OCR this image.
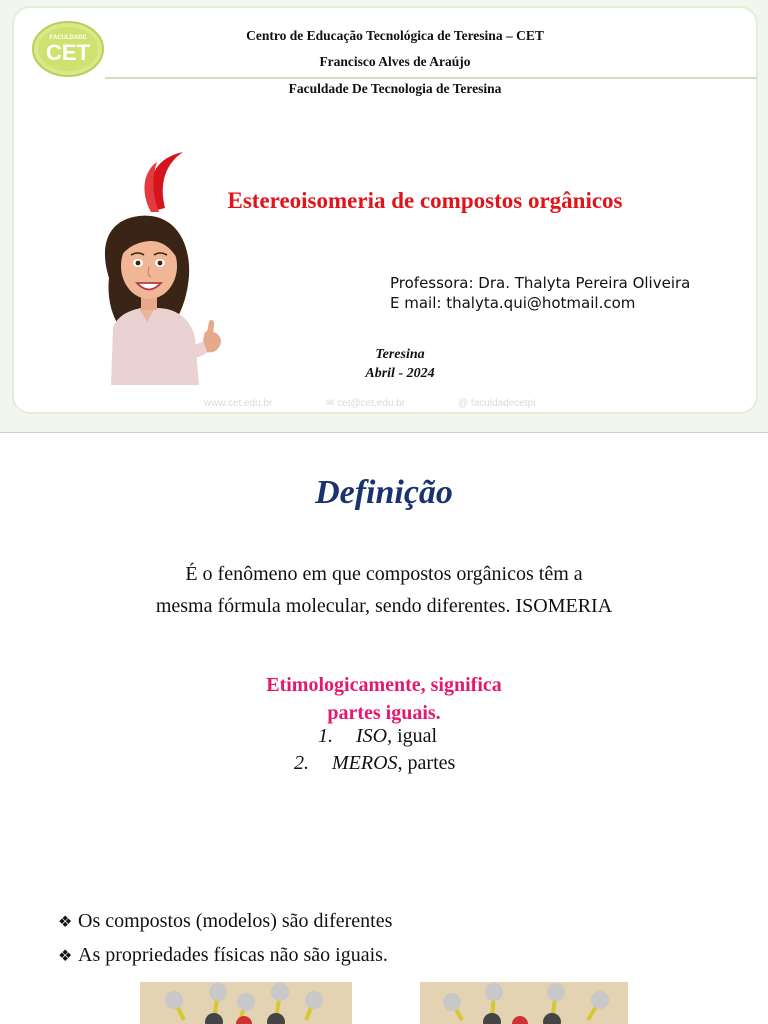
FACULDADE
CET
Centro de Educação Tecnológica de Teresina – CET
Francisco Alves de Araújo
Faculdade De Tecnologia de Teresina
Estereoisomeria de compostos orgânicos
Professora: Dra. Thalyta Pereira Oliveira
E mail: thalyta.qui@hotmail.com
Teresina
Abril - 2024
www.cet.edu.br	✉ cet@cet.edu.br	@ faculdadecetpi
Definição
É o fenômeno em que compostos orgânicos têm a
mesma fórmula molecular, sendo diferentes. ISOMERIA
Etimologicamente, significa
partes iguais.
1. ISO, igual
2. MEROS, partes
❖ Os compostos (modelos) são diferentes
❖ As propriedades físicas não são iguais.
